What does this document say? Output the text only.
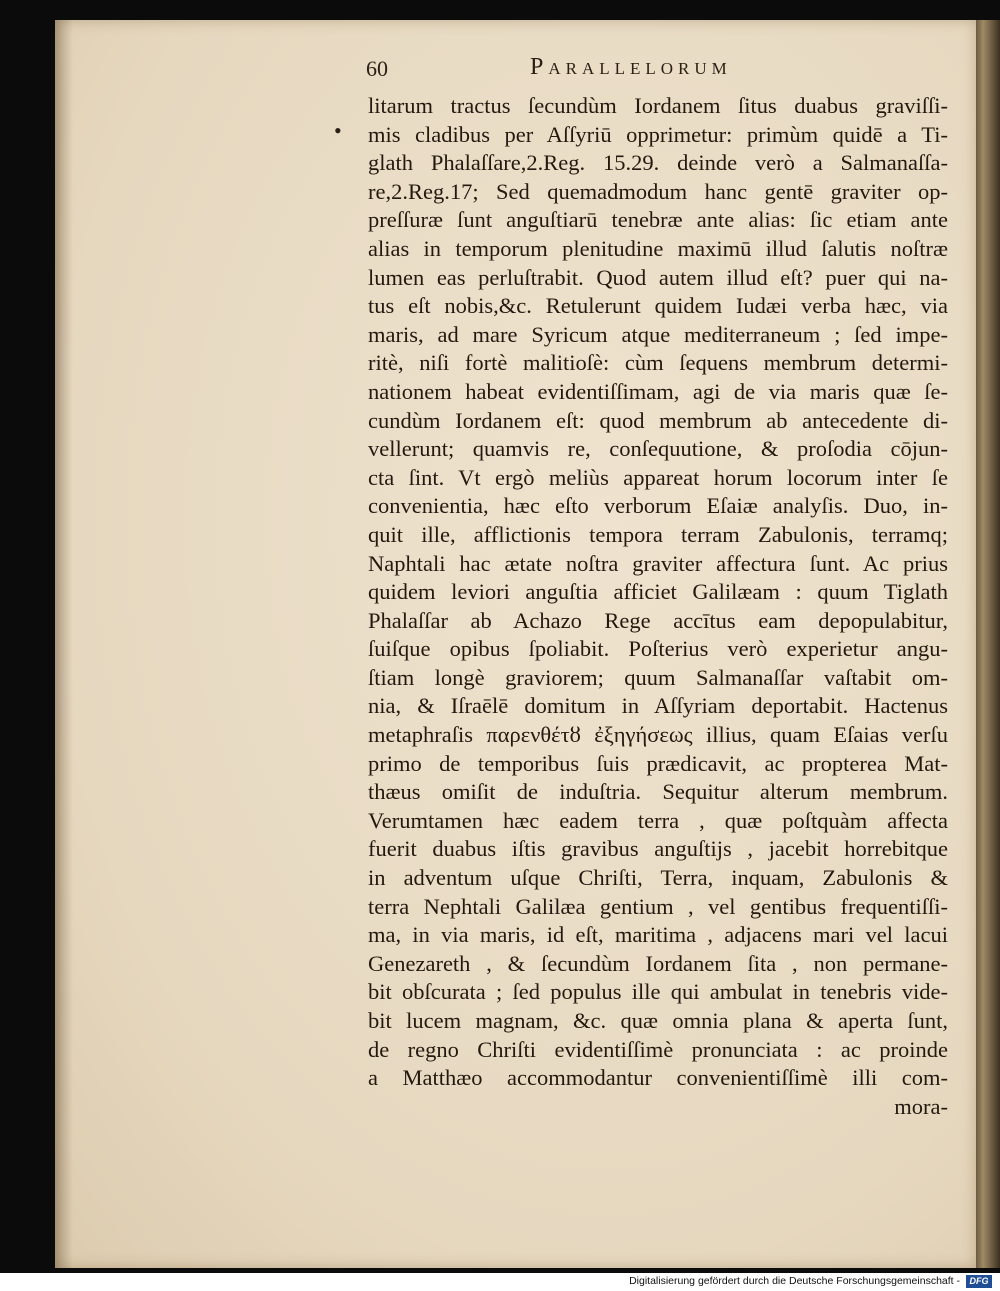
60	Parallelorum
•
litarum tractus ſecundùm Iordanem ſitus duabus graviſſi-
mis cladibus per Aſſyriū opprimetur: primùm quidē a Ti-
glath Phalaſſare,2.Reg. 15.29. deinde verò a Salmanaſſa-
re,2.Reg.17; Sed quemadmodum hanc gentē graviter op-
preſſuræ ſunt anguſtiarū tenebræ ante alias: ſic etiam ante
alias in temporum plenitudine maximū illud ſalutis noſtræ
lumen eas perluſtrabit. Quod autem illud eſt? puer qui na-
tus eſt nobis,&c. Retulerunt quidem Iudæi verba hæc, via
maris, ad mare Syricum atque mediterraneum ; ſed impe-
ritè, niſi fortè malitioſè: cùm ſequens membrum determi-
nationem habeat evidentiſſimam, agi de via maris quæ ſe-
cundùm Iordanem eſt: quod membrum ab antecedente di-
vellerunt; quamvis re, conſequutione, & proſodia cōjun-
cta ſint. Vt ergò meliùs appareat horum locorum inter ſe
convenientia, hæc eſto verborum Eſaiæ analyſis. Duo, in-
quit ille, afflictionis tempora terram Zabulonis, terramq;
Naphtali hac ætate noſtra graviter affectura ſunt. Ac prius
quidem leviori anguſtia afficiet Galilæam : quum Tiglath
Phalaſſar ab Achazo Rege accītus eam depopulabitur,
ſuiſque opibus ſpoliabit. Poſterius verò experietur angu-
ſtiam longè graviorem; quum Salmanaſſar vaſtabit om-
nia, & Iſraēlē domitum in Aſſyriam deportabit. Hactenus
metaphraſis παρενθέτȣ ἐξηγήσεως illius, quam Eſaias verſu
primo de temporibus ſuis prædicavit, ac propterea Mat-
thæus omiſit de induſtria. Sequitur alterum membrum.
Verumtamen hæc eadem terra , quæ poſtquàm affecta
fuerit duabus iſtis gravibus anguſtijs , jacebit horrebitque
in adventum uſque Chriſti, Terra, inquam, Zabulonis &
terra Nephtali Galilæa gentium , vel gentibus frequentiſſi-
ma, in via maris, id eſt, maritima , adjacens mari vel lacui
Genezareth , & ſecundùm Iordanem ſita , non permane-
bit obſcurata ; ſed populus ille qui ambulat in tenebris vide-
bit lucem magnam, &c. quæ omnia plana & aperta ſunt,
de regno Chriſti evidentiſſimè pronunciata : ac proinde
a Matthæo accommodantur convenientiſſimè illi com-
mora-
Digitalisierung gefördert durch die Deutsche Forschungsgemeinschaft -	DFG
